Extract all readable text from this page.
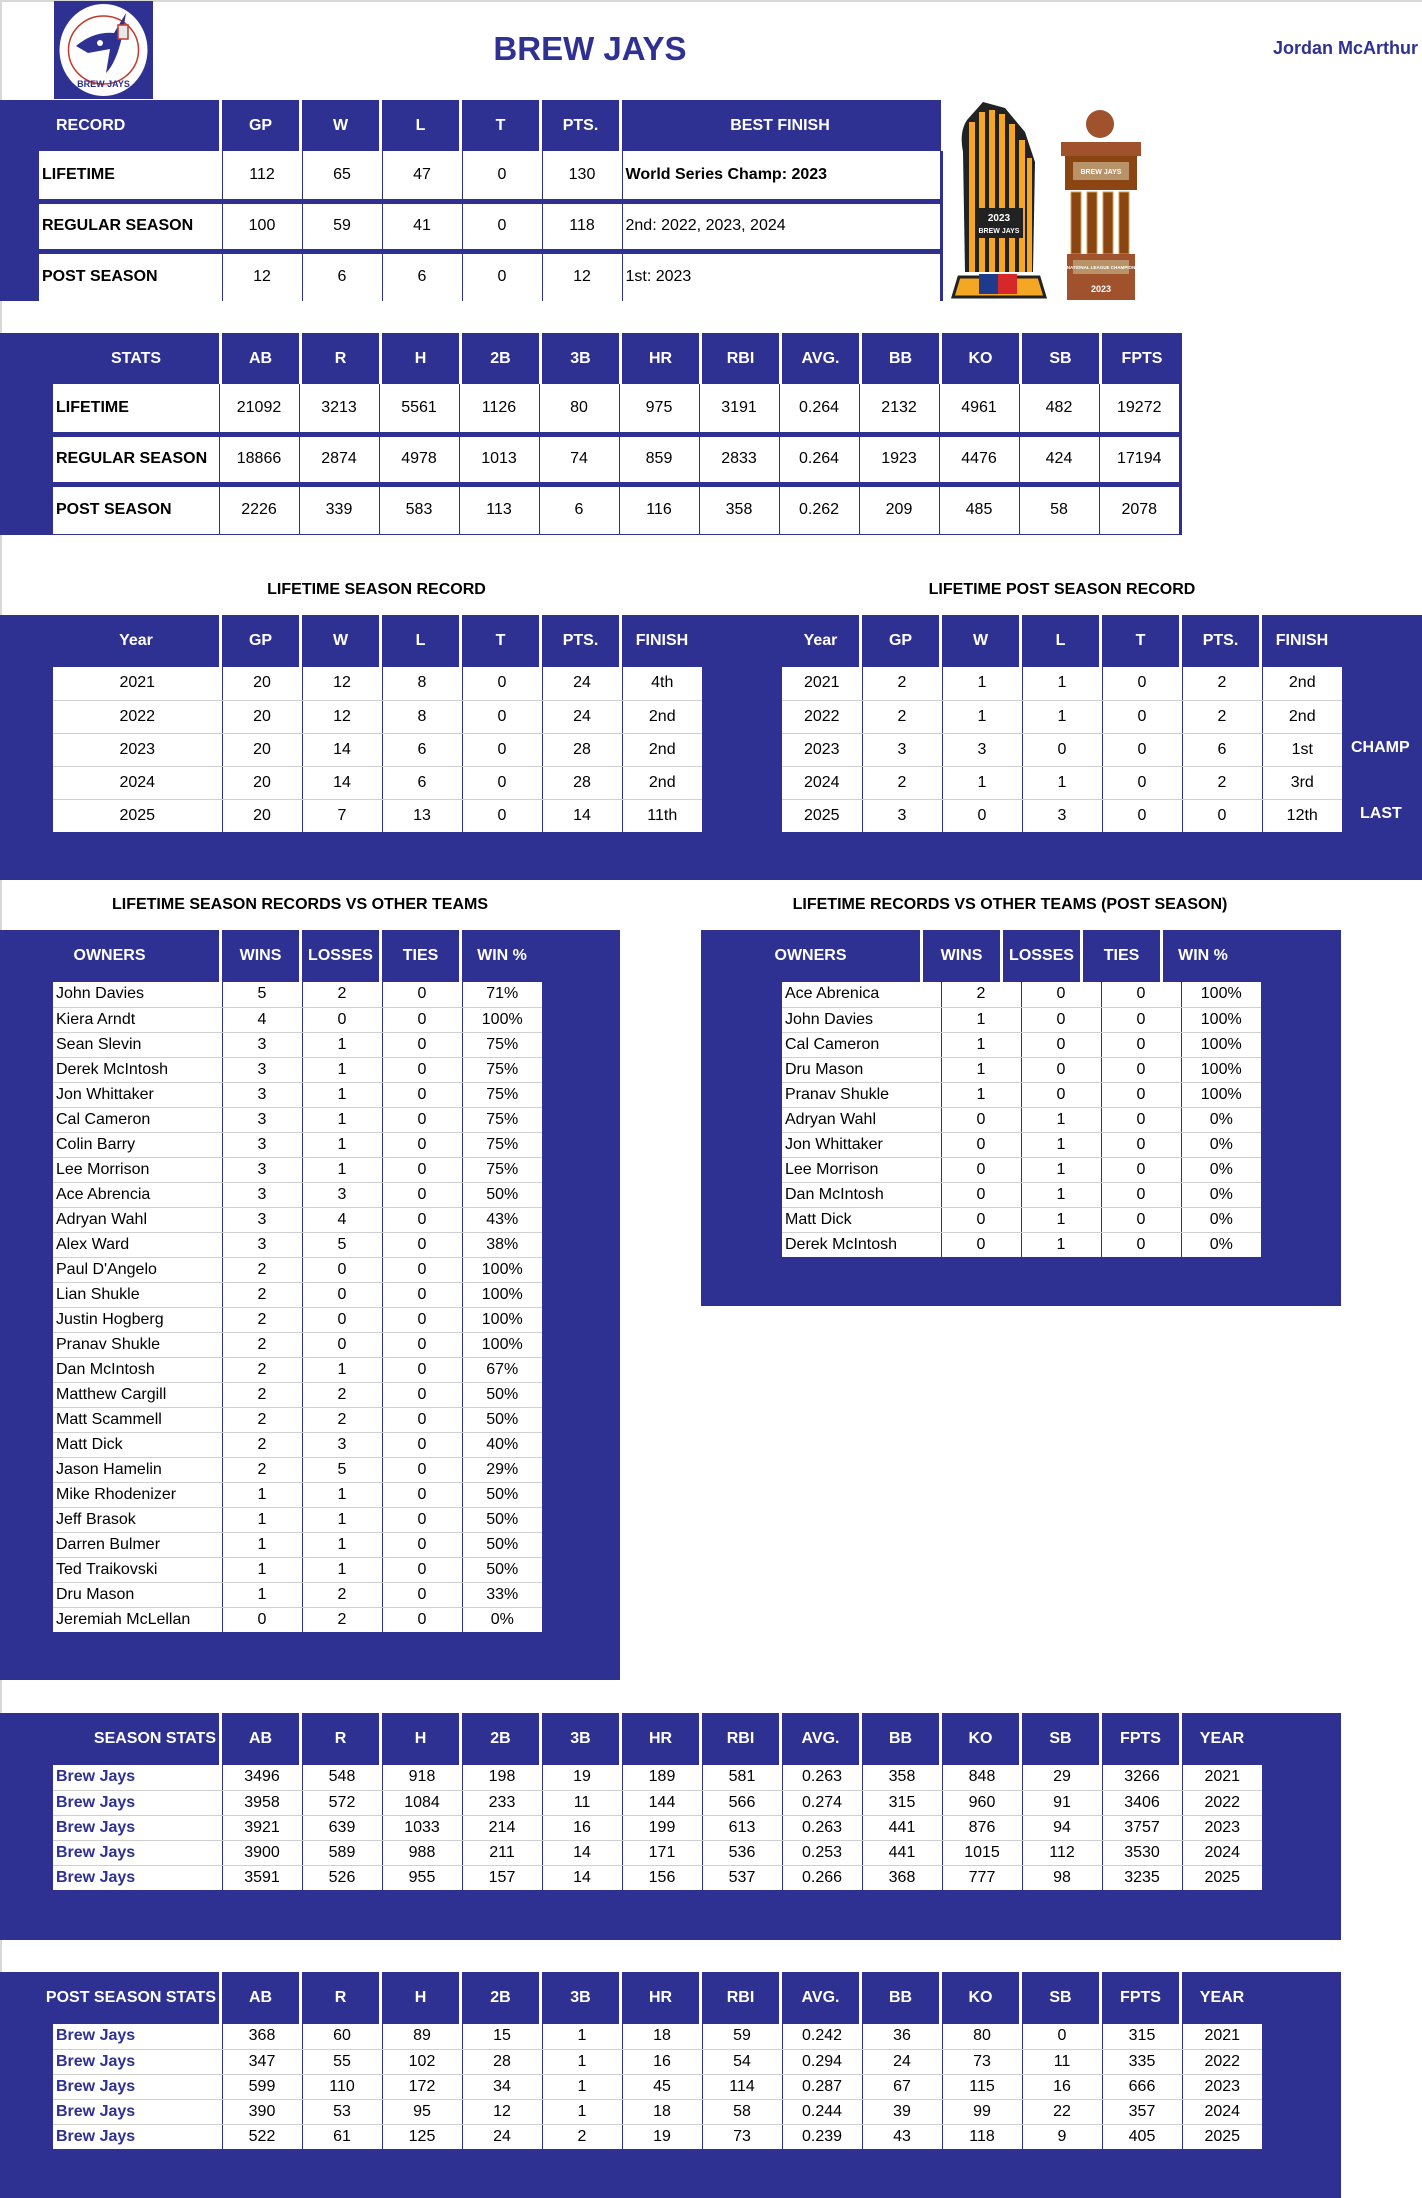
BREW JAYS
BREW JAYS	Jordan McArthur
RECORD	GP	W	L	T	PTS.	BEST FINISH
LIFETIME	112	65	47	0	130	World Series Champ: 2023
REGULAR SEASON	100	59	41	0	118	2nd: 2022, 2023, 2024
POST SEASON	12	6	6	0	12	1st: 2023
2023
BREW JAYS
BREW JAYS
NATIONAL LEAGUE CHAMPION
2023
STATS	AB	R	H	2B	3B	HR	RBI	AVG.	BB	KO	SB	FPTS
LIFETIME	21092	3213	5561	1126	80	975	3191	0.264	2132	4961	482	19272
REGULAR SEASON	18866	2874	4978	1013	74	859	2833	0.264	1923	4476	424	17194
POST SEASON	2226	339	583	113	6	116	358	0.262	209	485	58	2078
LIFETIME SEASON RECORD	LIFETIME POST SEASON RECORD
Year	GP	W	L	T	PTS.	FINISH
2021	20	12	8	0	24	4th
2022	20	12	8	0	24	2nd
2023	20	14	6	0	28	2nd
2024	20	14	6	0	28	2nd
2025	20	7	13	0	14	11th
Year	GP	W	L	T	PTS.	FINISH
2021	2	1	1	0	2	2nd
2022	2	1	1	0	2	2nd
2023	3	3	0	0	6	1st
2024	2	1	1	0	2	3rd
2025	3	0	3	0	0	12th
CHAMP
LAST
LIFETIME SEASON RECORDS VS OTHER TEAMS	LIFETIME RECORDS VS OTHER TEAMS (POST SEASON)
OWNERS	WINS	LOSSES	TIES	WIN %
John Davies	5	2	0	71%
Kiera Arndt	4	0	0	100%
Sean Slevin	3	1	0	75%
Derek McIntosh	3	1	0	75%
Jon Whittaker	3	1	0	75%
Cal Cameron	3	1	0	75%
Colin Barry	3	1	0	75%
Lee Morrison	3	1	0	75%
Ace Abrencia	3	3	0	50%
Adryan Wahl	3	4	0	43%
Alex Ward	3	5	0	38%
Paul D'Angelo	2	0	0	100%
Lian Shukle	2	0	0	100%
Justin Hogberg	2	0	0	100%
Pranav Shukle	2	0	0	100%
Dan McIntosh	2	1	0	67%
Matthew Cargill	2	2	0	50%
Matt Scammell	2	2	0	50%
Matt Dick	2	3	0	40%
Jason Hamelin	2	5	0	29%
Mike Rhodenizer	1	1	0	50%
Jeff Brasok	1	1	0	50%
Darren Bulmer	1	1	0	50%
Ted Traikovski	1	1	0	50%
Dru Mason	1	2	0	33%
Jeremiah McLellan	0	2	0	0%
OWNERS	WINS	LOSSES	TIES	WIN %
Ace Abrenica	2	0	0	100%
John Davies	1	0	0	100%
Cal Cameron	1	0	0	100%
Dru Mason	1	0	0	100%
Pranav Shukle	1	0	0	100%
Adryan Wahl	0	1	0	0%
Jon Whittaker	0	1	0	0%
Lee Morrison	0	1	0	0%
Dan McIntosh	0	1	0	0%
Matt Dick	0	1	0	0%
Derek McIntosh	0	1	0	0%
SEASON STATS	AB	R	H	2B	3B	HR	RBI	AVG.	BB	KO	SB	FPTS	YEAR
Brew Jays	3496	548	918	198	19	189	581	0.263	358	848	29	3266	2021
Brew Jays	3958	572	1084	233	11	144	566	0.274	315	960	91	3406	2022
Brew Jays	3921	639	1033	214	16	199	613	0.263	441	876	94	3757	2023
Brew Jays	3900	589	988	211	14	171	536	0.253	441	1015	112	3530	2024
Brew Jays	3591	526	955	157	14	156	537	0.266	368	777	98	3235	2025
POST SEASON STATS	AB	R	H	2B	3B	HR	RBI	AVG.	BB	KO	SB	FPTS	YEAR
Brew Jays	368	60	89	15	1	18	59	0.242	36	80	0	315	2021
Brew Jays	347	55	102	28	1	16	54	0.294	24	73	11	335	2022
Brew Jays	599	110	172	34	1	45	114	0.287	67	115	16	666	2023
Brew Jays	390	53	95	12	1	18	58	0.244	39	99	22	357	2024
Brew Jays	522	61	125	24	2	19	73	0.239	43	118	9	405	2025
